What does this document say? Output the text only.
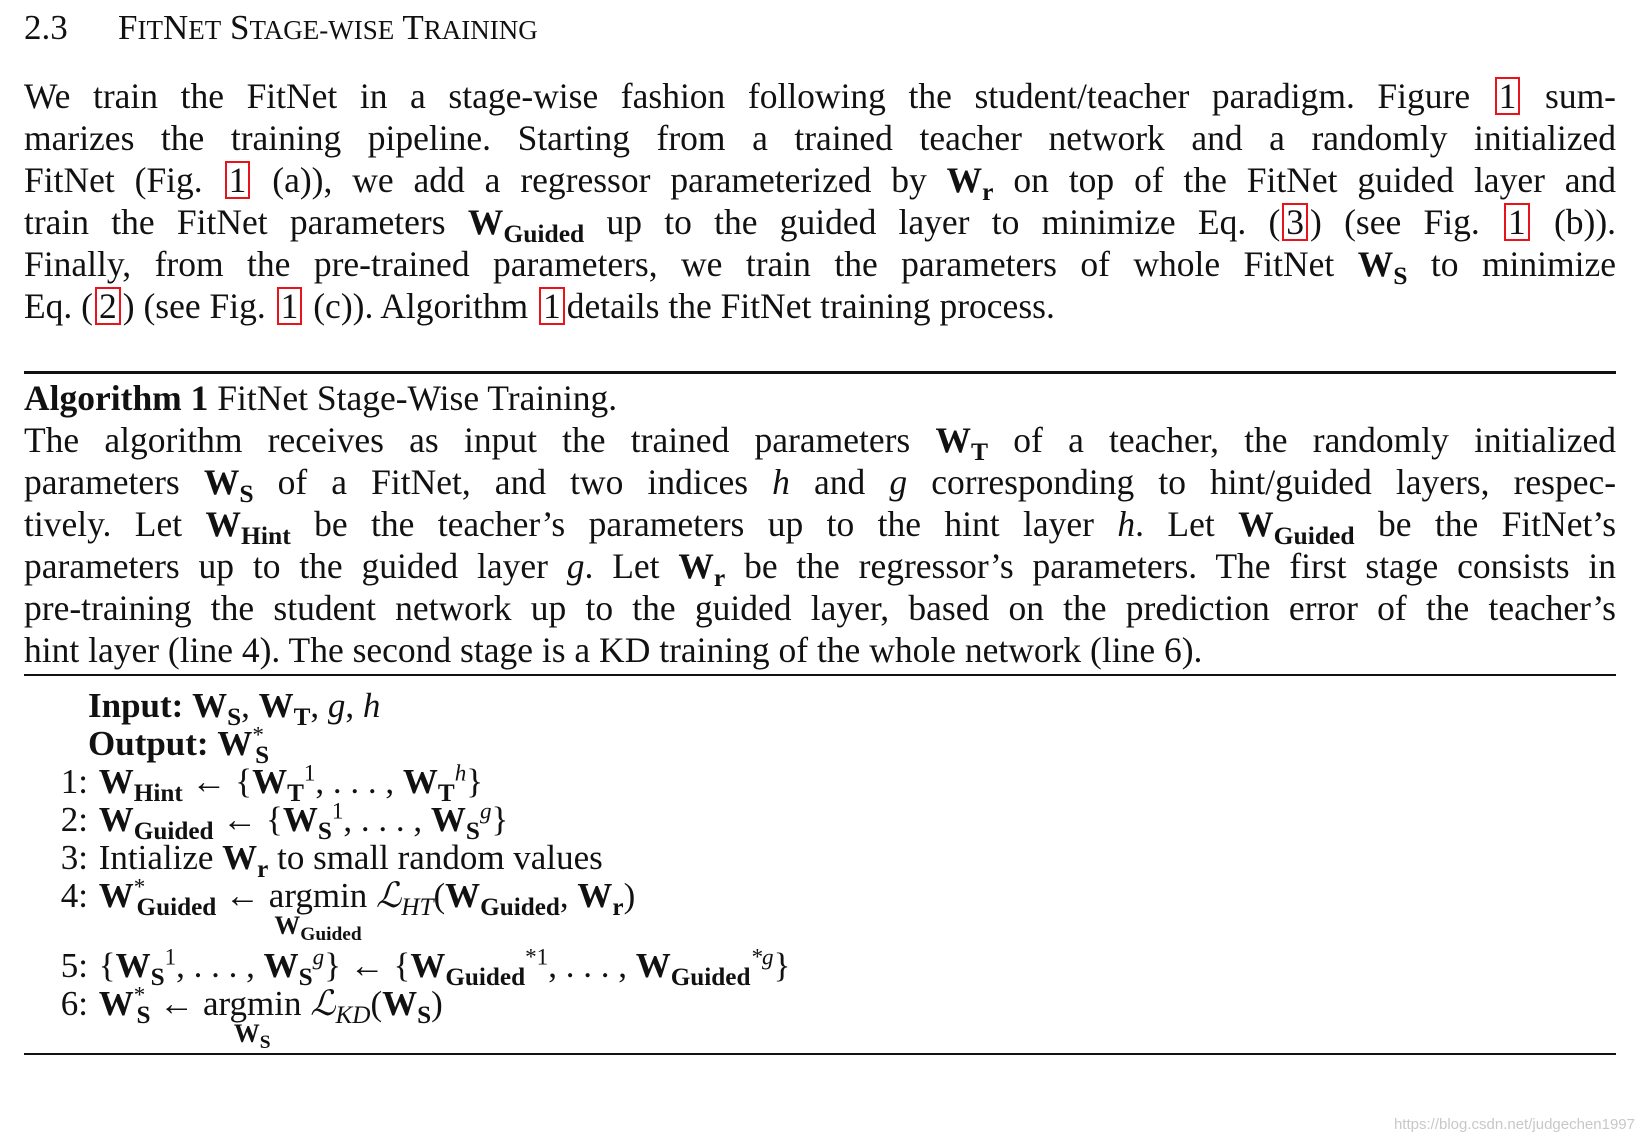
2.3 FITNET STAGE-WISE TRAINING
We train the FitNet in a stage-wise fashion following the student/teacher paradigm. Figure 1 sum-
marizes the training pipeline. Starting from a trained teacher network and a randomly initialized
FitNet (Fig. 1 (a)), we add a regressor parameterized by $W_r$ on top of the FitNet guided layer and
train the FitNet parameters $W_{Guided}$ up to the guided layer to minimize Eq. ( 3 ) (see Fig. 1 (b)).
Finally, from the pre-trained parameters, we train the parameters of whole FitNet $W_S$ to minimize
Eq. ( 2 ) (see Fig. 1 (c)). Algorithm 1 details the FitNet training process.
Algorithm 1 FitNet Stage-Wise Training.
The algorithm receives as input the trained parameters $W_T$ of a teacher, the randomly initialized
parameters $W_S$ of a FitNet, and two indices h and g corresponding to hint/guided layers, respec-
tively. Let $W_{Hint}$ be the teacher’s parameters up to the hint layer h. Let $W_{Guided}$ be the FitNet’s
parameters up to the guided layer g. Let $W_r$ be the regressor’s parameters. The first stage consists in
pre-training the student network up to the guided layer, based on the prediction error of the teacher’s
hint layer (line 4). The second stage is a KD training of the whole network (line 6).
Input: $W_S$, $W_T$, g, h
Output: $W^*_S$
1: $W_{Hint}$ ← {$W_T^1$, . . . , $W_T^h$}
2: $W_{Guided}$ ← {$W_S^1$, . . . , $W_S^g$}
3: Intialize $W_r$ to small random values
4: $W^*_{Guided}$ ← argmin
$W_{Guided}$
$ℒ_{HT}(W_{Guided}$, $W_r$)
5: {$W_S^1$, . . . , $W_S^g$} ← {$W_{Guided}^{*1}$, . . . , $W_{Guided}^{*g}$}
6: $W^*_S$ ← argmin
$W_S$
$ℒ_{KD}(W_S)$
https://blog.csdn.net/judgechen1997
